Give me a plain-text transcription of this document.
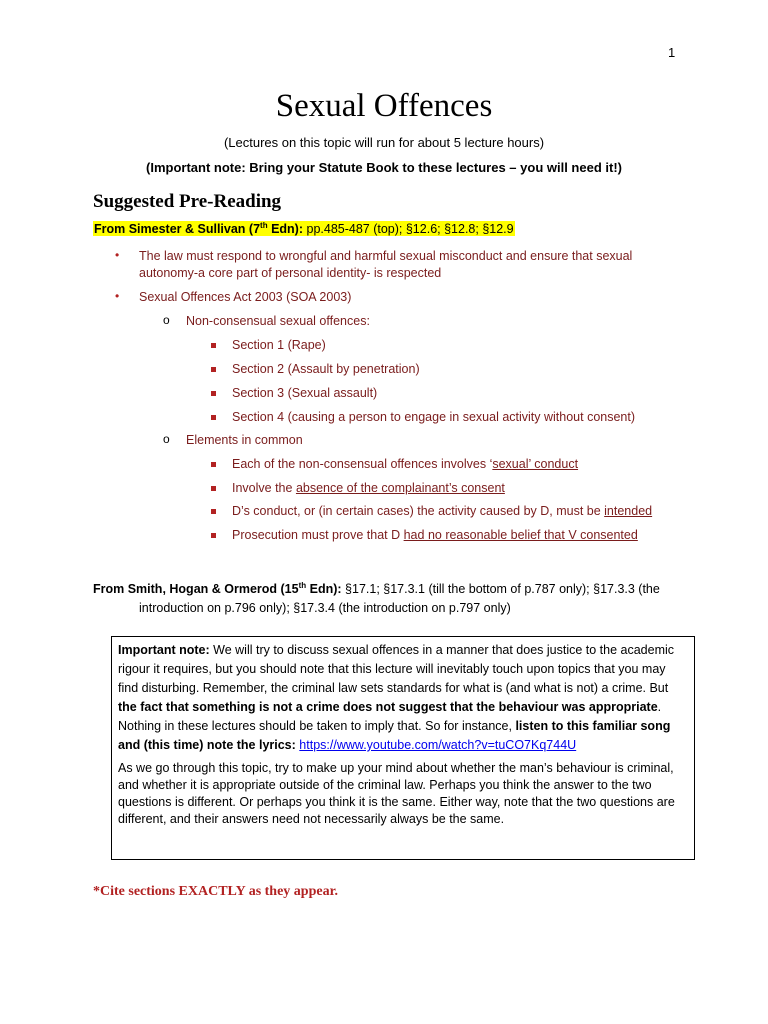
1
Sexual Offences
(Lectures on this topic will run for about 5 lecture hours)
(Important note: Bring your Statute Book to these lectures – you will need it!)
Suggested Pre-Reading
From Simester & Sullivan (7th Edn): pp.485-487 (top); §12.6; §12.8; §12.9
• The law must respond to wrongful and harmful sexual misconduct and ensure that sexual
autonomy-a core part of personal identity- is respected
• Sexual Offences Act 2003 (SOA 2003)
o Non-consensual sexual offences:
Section 1 (Rape)
Section 2 (Assault by penetration)
Section 3 (Sexual assault)
Section 4 (causing a person to engage in sexual activity without consent)
o Elements in common
Each of the non-consensual offences involves ‘sexual’ conduct
Involve the absence of the complainant’s consent
D’s conduct, or (in certain cases) the activity caused by D, must be intended
Prosecution must prove that D had no reasonable belief that V consented
From Smith, Hogan & Ormerod (15th Edn): §17.1; §17.3.1 (till the bottom of p.787 only); §17.3.3 (the
introduction on p.796 only); §17.3.4 (the introduction on p.797 only)

Important note: We will try to discuss sexual offences in a manner that does justice to the academic rigour it requires, but you should note that this lecture will inevitably touch upon topics that you may find disturbing. Remember, the criminal law sets standards for what is (and what is not) a crime. But the fact that something is not a crime does not suggest that the behaviour was appropriate. Nothing in these lectures should be taken to imply that. So for instance, listen to this familiar song and (this time) note the lyrics: https://www.youtube.com/watch?v=tuCO7Kq744U

As we go through this topic, try to make up your mind about whether the man’s behaviour is criminal, and whether it is appropriate outside of the criminal law. Perhaps you think the answer to the two questions is different. Or perhaps you think it is the same. Either way, note that the two questions are different, and their answers need not necessarily always be the same.

*Cite sections EXACTLY as they appear.
